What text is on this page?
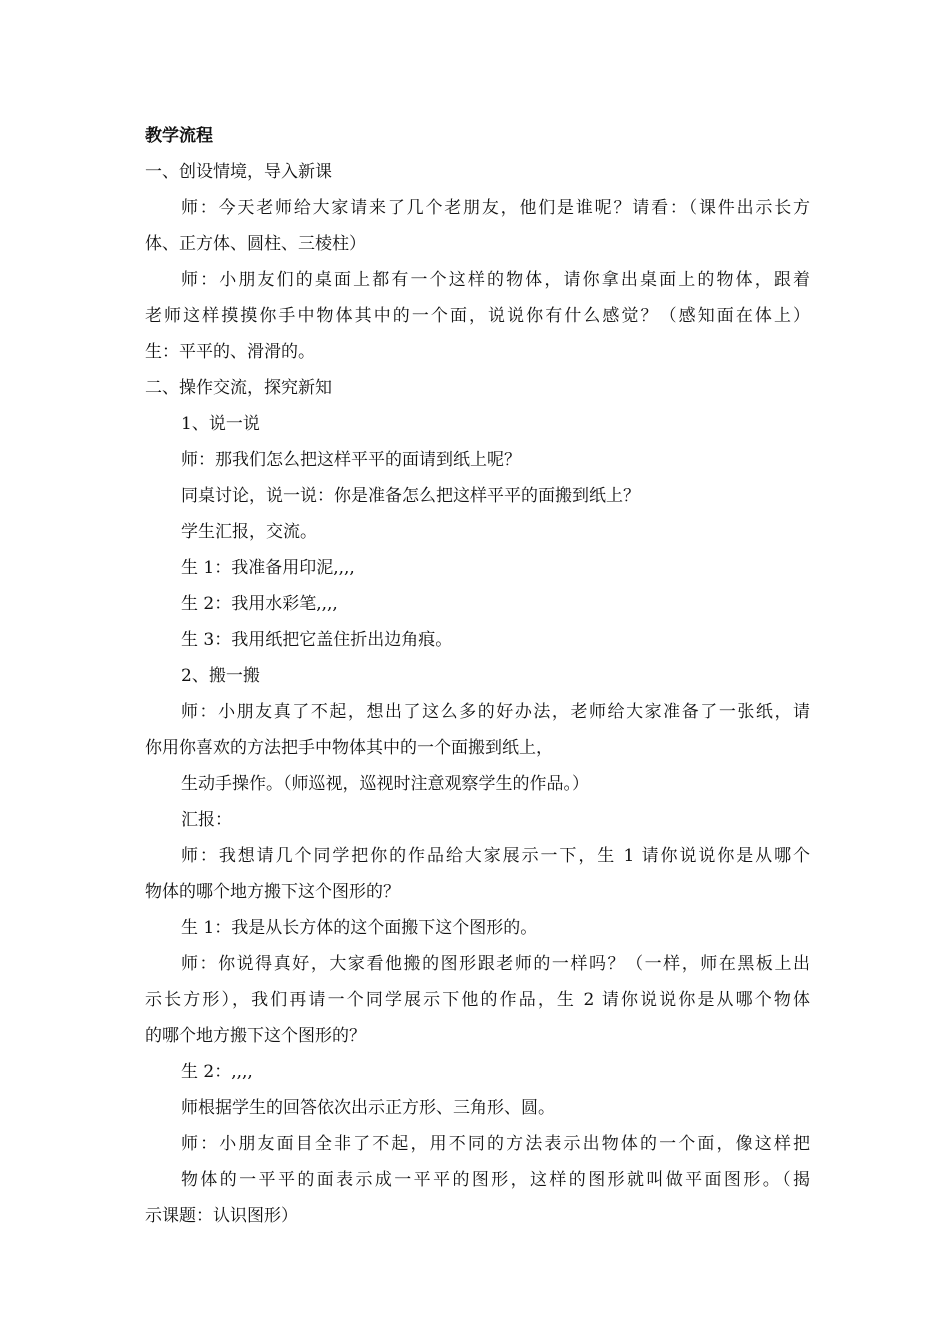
教学流程
一、创设情境，导入新课
师：今天老师给大家请来了几个老朋友，他们是谁呢？请看：（课件出示长方
体、正方体、圆柱、三棱柱）
师：小朋友们的桌面上都有一个这样的物体，请你拿出桌面上的物体，跟着
老师这样摸摸你手中物体其中的一个面，说说你有什么感觉？（感知面在体上）
生：平平的、滑滑的。
二、操作交流，探究新知
1、说一说
师：那我们怎么把这样平平的面请到纸上呢？
同桌讨论，说一说：你是准备怎么把这样平平的面搬到纸上？
学生汇报，交流。
生 1：我准备用印泥,,,,
生 2：我用水彩笔,,,,
生 3：我用纸把它盖住折出边角痕。
2、搬一搬
师：小朋友真了不起，想出了这么多的好办法，老师给大家准备了一张纸，请
你用你喜欢的方法把手中物体其中的一个面搬到纸上，
生动手操作。（师巡视，巡视时注意观察学生的作品。）
汇报：
师：我想请几个同学把你的作品给大家展示一下，生 1 请你说说你是从哪个
物体的哪个地方搬下这个图形的？
生 1：我是从长方体的这个面搬下这个图形的。
师：你说得真好，大家看他搬的图形跟老师的一样吗？（一样，师在黑板上出
示长方形），我们再请一个同学展示下他的作品，生 2 请你说说你是从哪个物体
的哪个地方搬下这个图形的？
生 2：,,,,
师根据学生的回答依次出示正方形、三角形、圆。
师：小朋友面目全非了不起，用不同的方法表示出物体的一个面，像这样把
物体的一平平的面表示成一平平的图形，这样的图形就叫做平面图形。（揭
示课题：认识图形）
